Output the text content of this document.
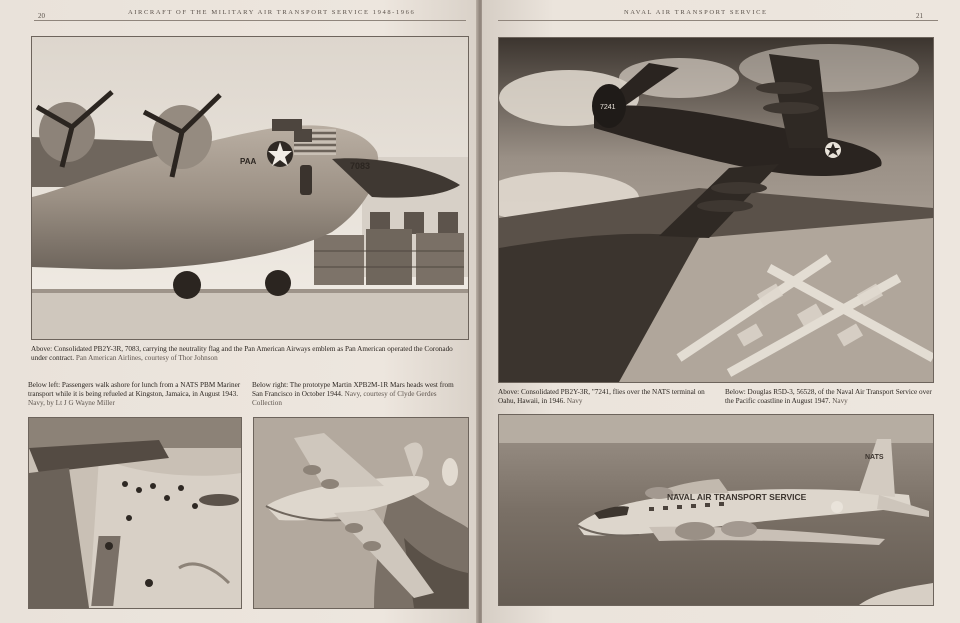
20	AIRCRAFT OF THE MILITARY AIR TRANSPORT SERVICE 1948-1966
PAA	7083
Above: Consolidated PB2Y-3R, 7083, carrying the neutrality flag and the Pan American Airways emblem as Pan American operated the Coronado under contract. Pan American Airlines, courtesy of Thor Johnson
Below left: Passengers walk ashore for lunch from a NATS PBM Mariner transport while it is being refueled at Kingston, Jamaica, in August 1943. Navy, by Lt J G Wayne Miller
Below right: The prototype Martin XPB2M-1R Mars heads west from San Francisco in October 1944. Navy, courtesy of Clyde Gerdes Collection
NAVAL AIR TRANSPORT SERVICE	21
7241
Above: Consolidated PB2Y-3R, "7241, flies over the NATS terminal on Oahu, Hawaii, in 1946. Navy
Below: Douglas R5D-3, 56528, of the Naval Air Transport Service over the Pacific coastline in August 1947. Navy
NAVAL AIR TRANSPORT SERVICE
NATS
